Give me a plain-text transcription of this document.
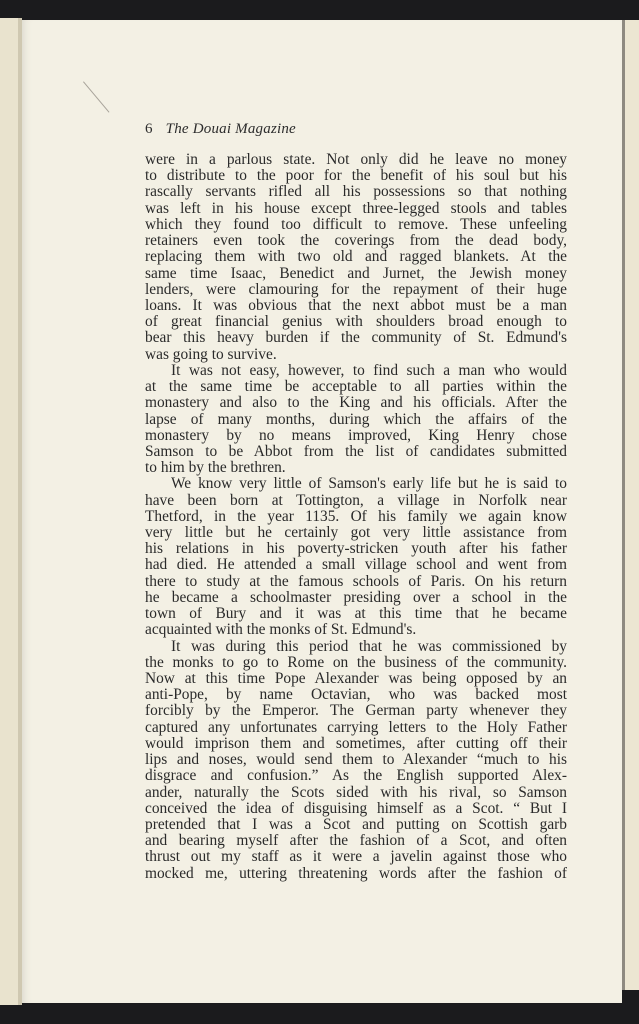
6 The Douai Magazine
were in a parlous state. Not only did he leave no money
to distribute to the poor for the benefit of his soul but his
rascally servants rifled all his possessions so that nothing
was left in his house except three-legged stools and tables
which they found too difficult to remove. These unfeeling
retainers even took the coverings from the dead body,
replacing them with two old and ragged blankets. At the
same time Isaac, Benedict and Jurnet, the Jewish money
lenders, were clamouring for the repayment of their huge
loans. It was obvious that the next abbot must be a man
of great financial genius with shoulders broad enough to
bear this heavy burden if the community of St. Edmund's
was going to survive.
It was not easy, however, to find such a man who would
at the same time be acceptable to all parties within the
monastery and also to the King and his officials. After the
lapse of many months, during which the affairs of the
monastery by no means improved, King Henry chose
Samson to be Abbot from the list of candidates submitted
to him by the brethren.
We know very little of Samson's early life but he is said to
have been born at Tottington, a village in Norfolk near
Thetford, in the year 1135. Of his family we again know
very little but he certainly got very little assistance from
his relations in his poverty-stricken youth after his father
had died. He attended a small village school and went from
there to study at the famous schools of Paris. On his return
he became a schoolmaster presiding over a school in the
town of Bury and it was at this time that he became
acquainted with the monks of St. Edmund's.
It was during this period that he was commissioned by
the monks to go to Rome on the business of the community.
Now at this time Pope Alexander was being opposed by an
anti-Pope, by name Octavian, who was backed most
forcibly by the Emperor. The German party whenever they
captured any unfortunates carrying letters to the Holy Father
would imprison them and sometimes, after cutting off their
lips and noses, would send them to Alexander “much to his
disgrace and confusion.” As the English supported Alex-
ander, naturally the Scots sided with his rival, so Samson
conceived the idea of disguising himself as a Scot. “ But I
pretended that I was a Scot and putting on Scottish garb
and bearing myself after the fashion of a Scot, and often
thrust out my staff as it were a javelin against those who
mocked me, uttering threatening words after the fashion of
